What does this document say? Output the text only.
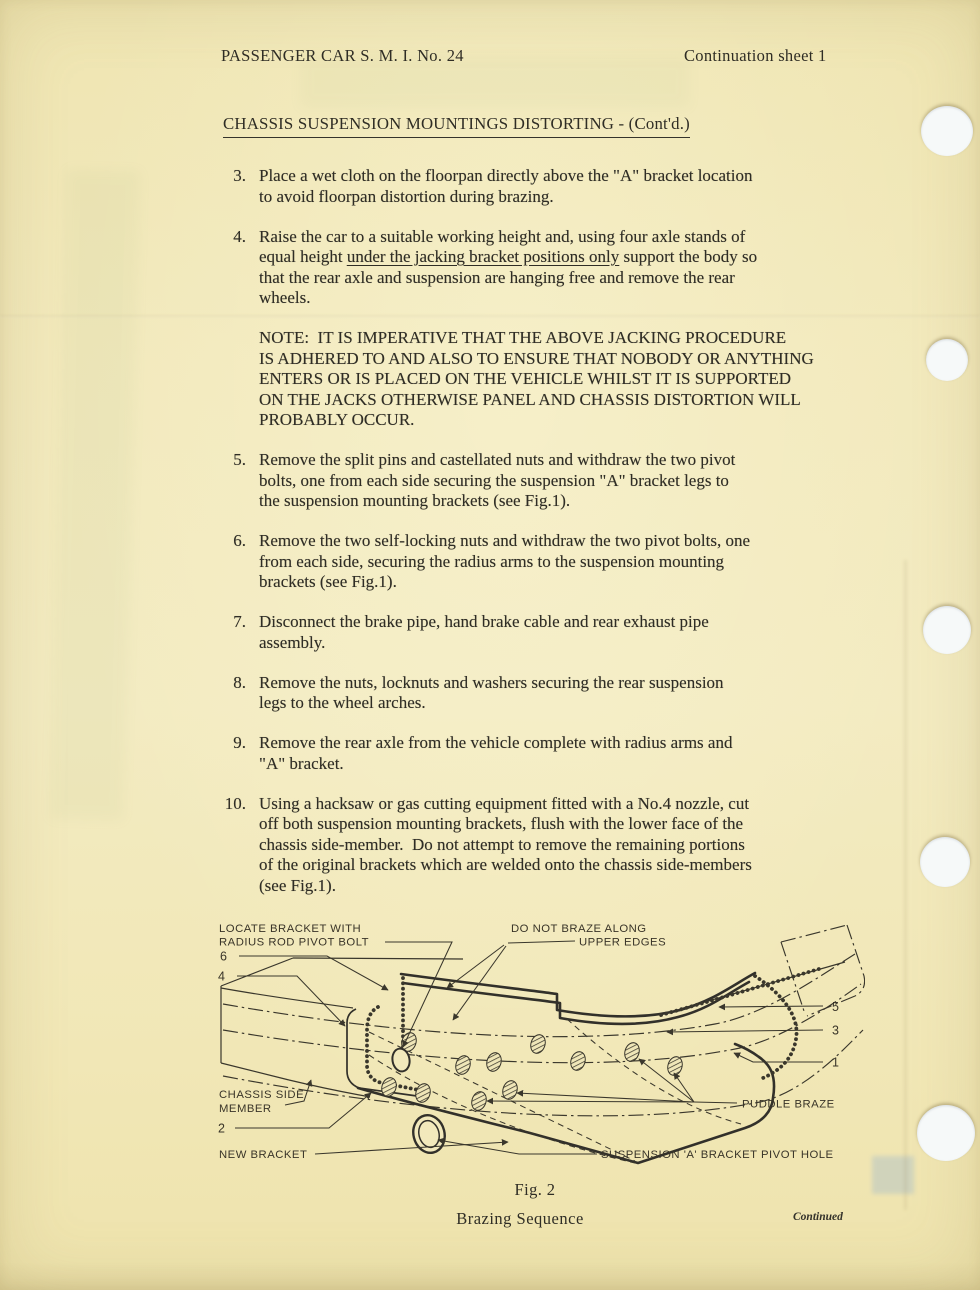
PASSENGER CAR S. M. I. No. 24	Continuation sheet 1
CHASSIS SUSPENSION MOUNTINGS DISTORTING - (Cont'd.)
3. Place a wet cloth on the floorpan directly above the "A" bracket location
to avoid floorpan distortion during brazing.
4. Raise the car to a suitable working height and, using four axle stands of
equal height under the jacking bracket positions only support the body so
that the rear axle and suspension are hanging free and remove the rear
wheels.
NOTE:  IT IS IMPERATIVE THAT THE ABOVE JACKING PROCEDURE
IS ADHERED TO AND ALSO TO ENSURE THAT NOBODY OR ANYTHING
ENTERS OR IS PLACED ON THE VEHICLE WHILST IT IS SUPPORTED
ON THE JACKS OTHERWISE PANEL AND CHASSIS DISTORTION WILL
PROBABLY OCCUR.
5. Remove the split pins and castellated nuts and withdraw the two pivot
bolts, one from each side securing the suspension "A" bracket legs to
the suspension mounting brackets (see Fig.1).
6. Remove the two self-locking nuts and withdraw the two pivot bolts, one
from each side, securing the radius arms to the suspension mounting
brackets (see Fig.1).
7. Disconnect the brake pipe, hand brake cable and rear exhaust pipe
assembly.
8. Remove the nuts, locknuts and washers securing the rear suspension
legs to the wheel arches.
9. Remove the rear axle from the vehicle complete with radius arms and
"A" bracket.
10. Using a hacksaw or gas cutting equipment fitted with a No.4 nozzle, cut
off both suspension mounting brackets, flush with the lower face of the
chassis side-member.  Do not attempt to remove the remaining portions
of the original brackets which are welded onto the chassis side-members
(see Fig.1).
LOCATE BRACKET WITH
RADIUS ROD PIVOT BOLT
DO NOT BRAZE ALONG
UPPER EDGES
CHASSIS SIDE
MEMBER
NEW BRACKET
PUDDLE BRAZE
SUSPENSION 'A' BRACKET PIVOT HOLE
6
4
2
5
3
1
Fig. 2
Brazing Sequence	Continued
